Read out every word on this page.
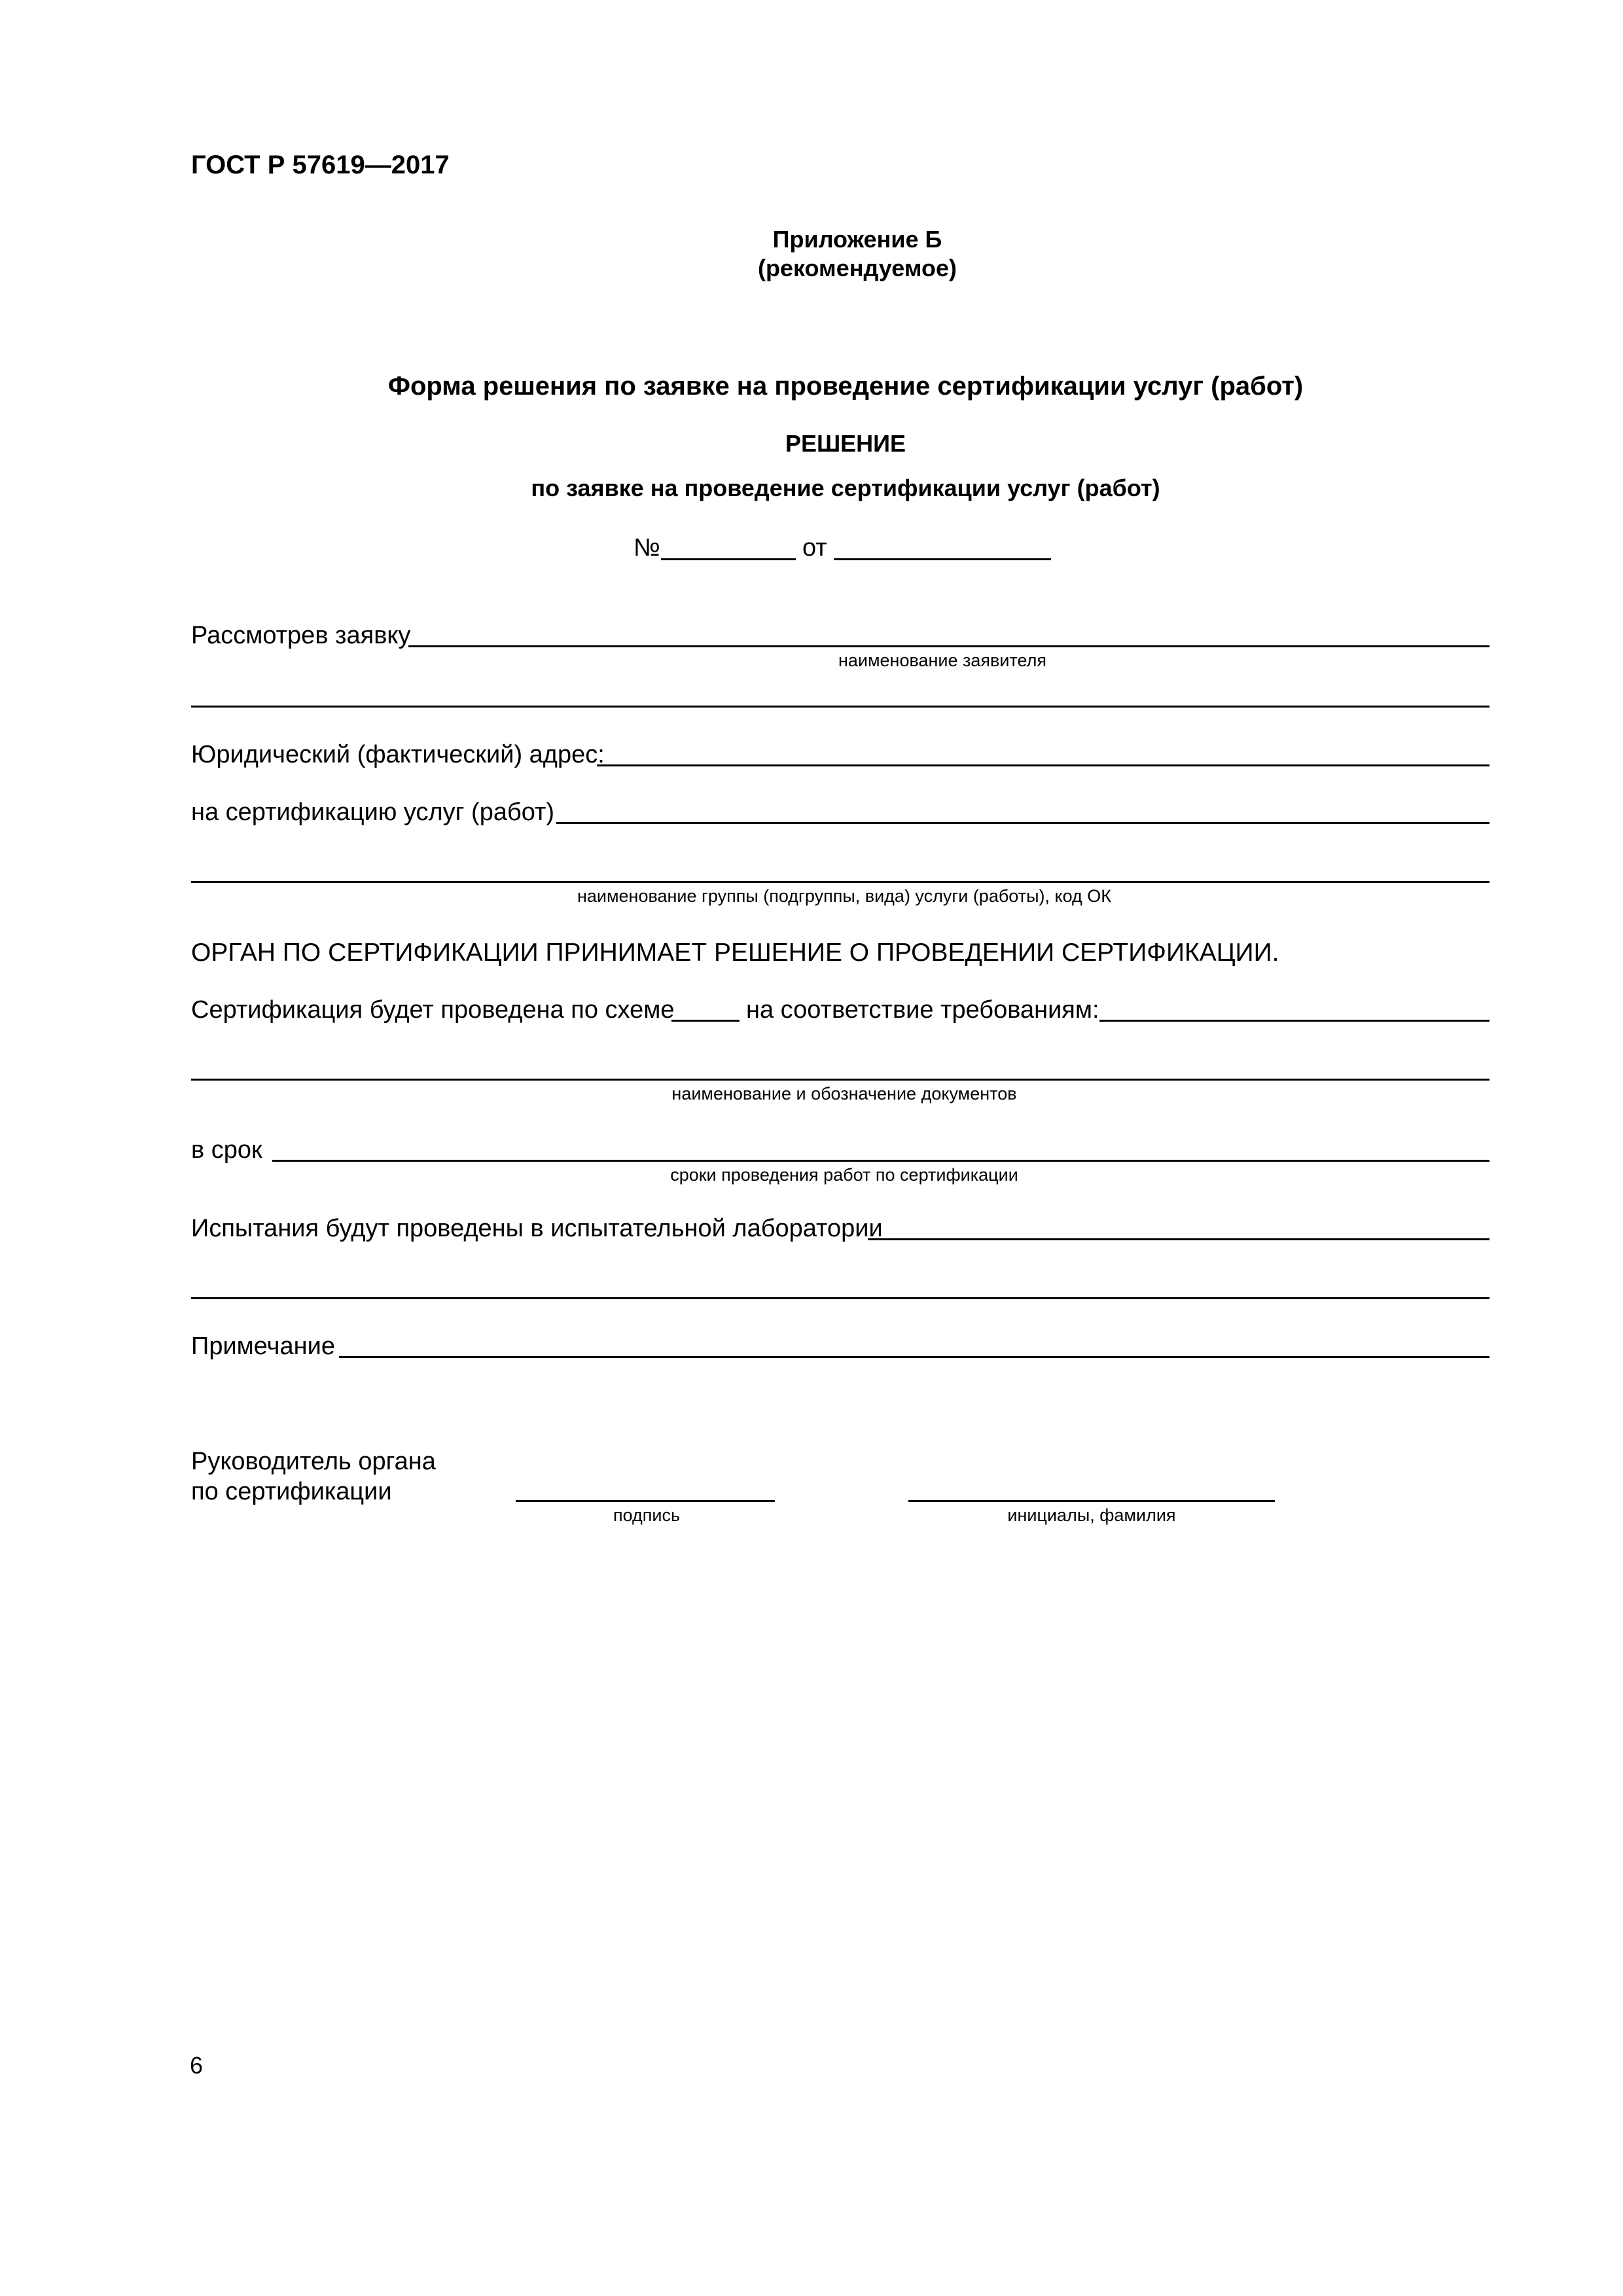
ГОСТ Р 57619—2017
Приложение Б
(рекомендуемое)
Форма решения по заявке на проведение сертификации услуг (работ)
РЕШЕНИЕ
по заявке на проведение сертификации услуг (работ)
№	от
Рассмотрев заявку
наименование заявителя
Юридический (фактический) адрес:
на сертификацию услуг (работ)
наименование группы (подгруппы, вида) услуги (работы), код ОК
ОРГАН ПО СЕРТИФИКАЦИИ ПРИНИМАЕТ РЕШЕНИЕ О ПРОВЕДЕНИИ СЕРТИФИКАЦИИ.
Сертификация будет проведена по схеме	на соответствие требованиям:
наименование и обозначение документов
в срок
сроки проведения работ по сертификации
Испытания будут проведены в испытательной лаборатории
Примечание
Руководитель органа
по сертификации
подпись	инициалы, фамилия
6
